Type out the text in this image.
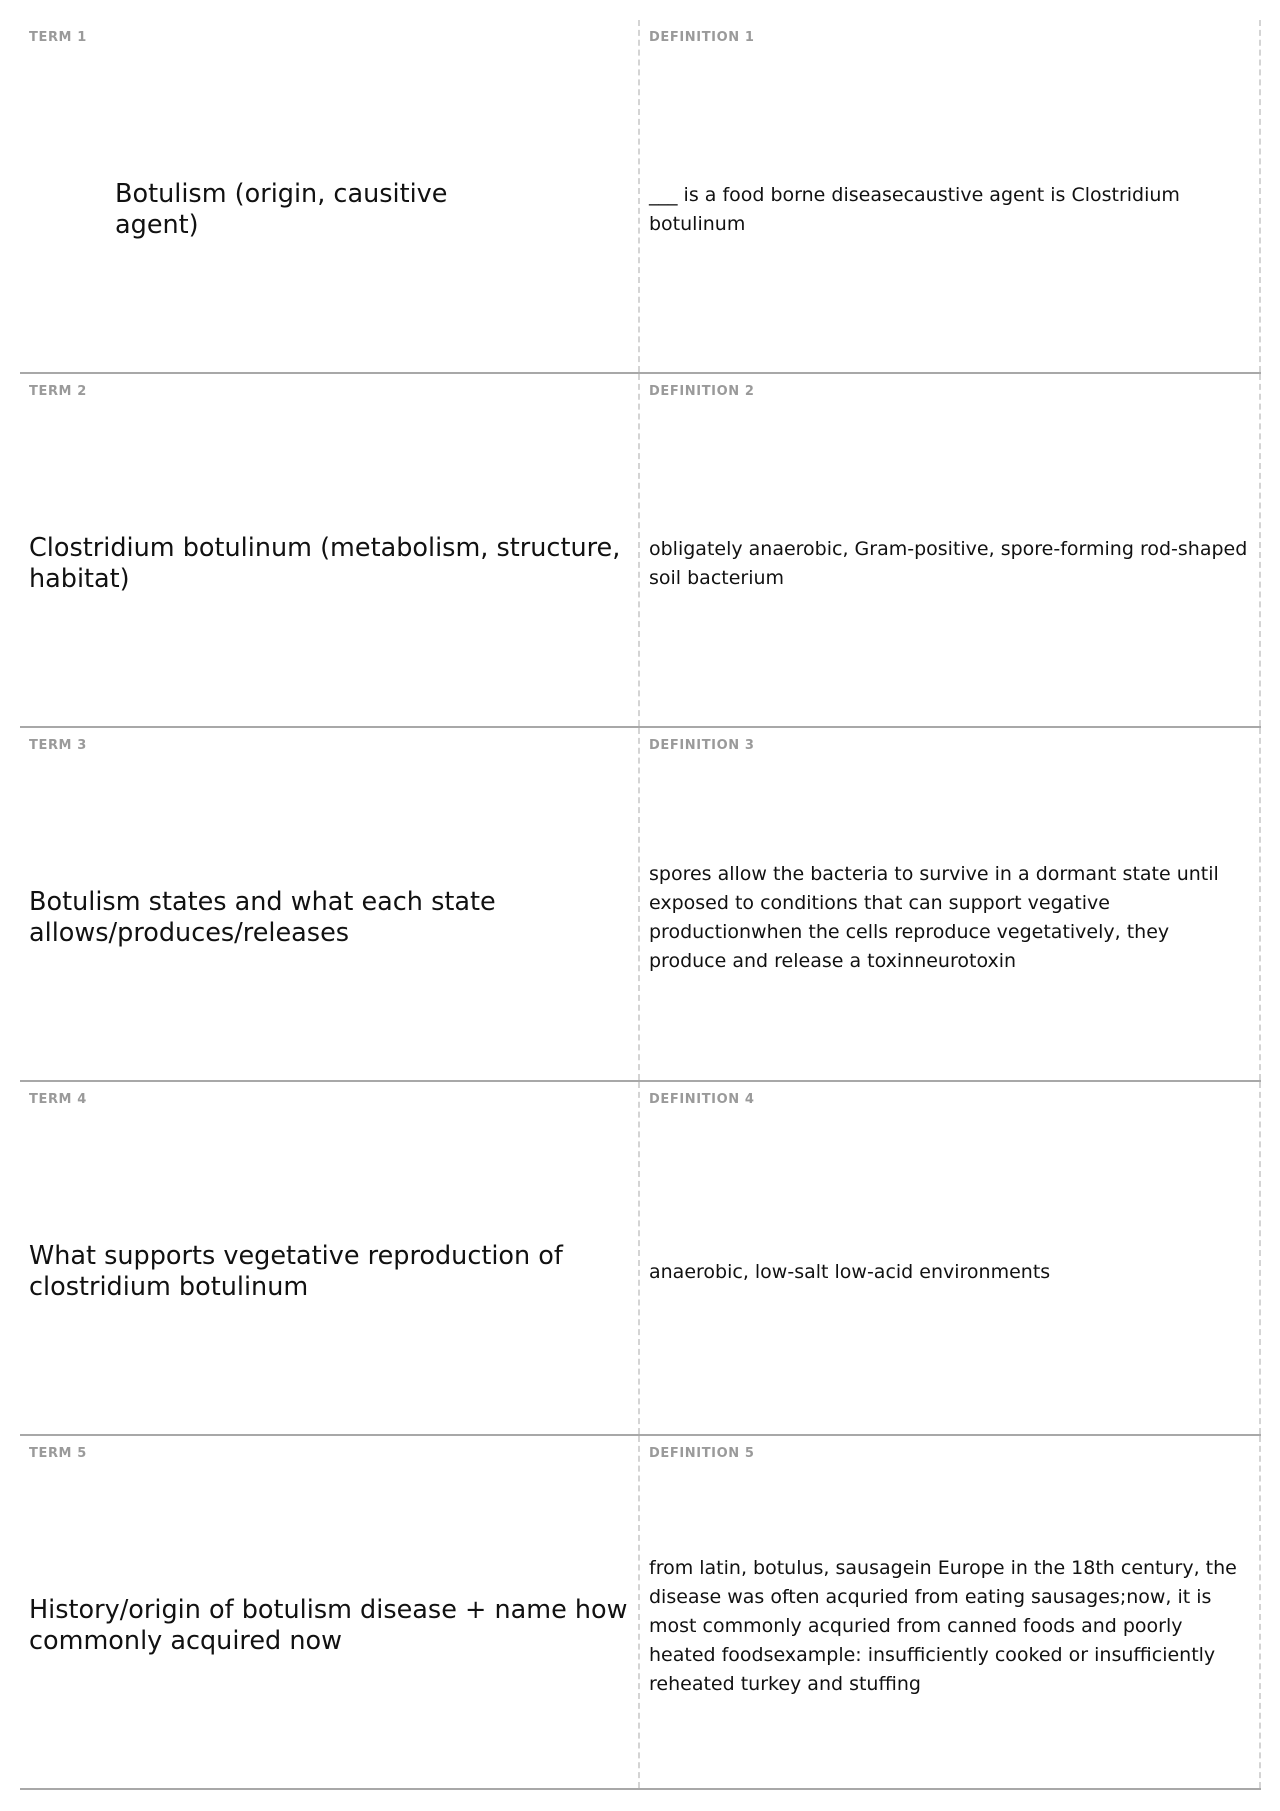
TERM 1
Botulism (origin, causitive agent)
DEFINITION 1
___ is a food borne diseasecaustive agent is Clostridium botulinum
TERM 2
Clostridium botulinum (metabolism, structure, habitat)
DEFINITION 2
obligately anaerobic, Gram-positive, spore-forming rod-shaped soil bacterium
TERM 3
Botulism states and what each state allows/produces/releases
DEFINITION 3
spores allow the bacteria to survive in a dormant state until exposed to conditions that can support vegative productionwhen the cells reproduce vegetatively, they produce and release a toxinneurotoxin
TERM 4
What supports vegetative reproduction of clostridium botulinum
DEFINITION 4
anaerobic, low-salt low-acid environments
TERM 5
History/origin of botulism disease + name how commonly acquired now
DEFINITION 5
from latin, botulus, sausagein Europe in the 18th century, the disease was often acquried from eating sausages;now, it is most commonly acquried from canned foods and poorly heated foodsexample: insufficiently cooked or insufficiently reheated turkey and stuffing
